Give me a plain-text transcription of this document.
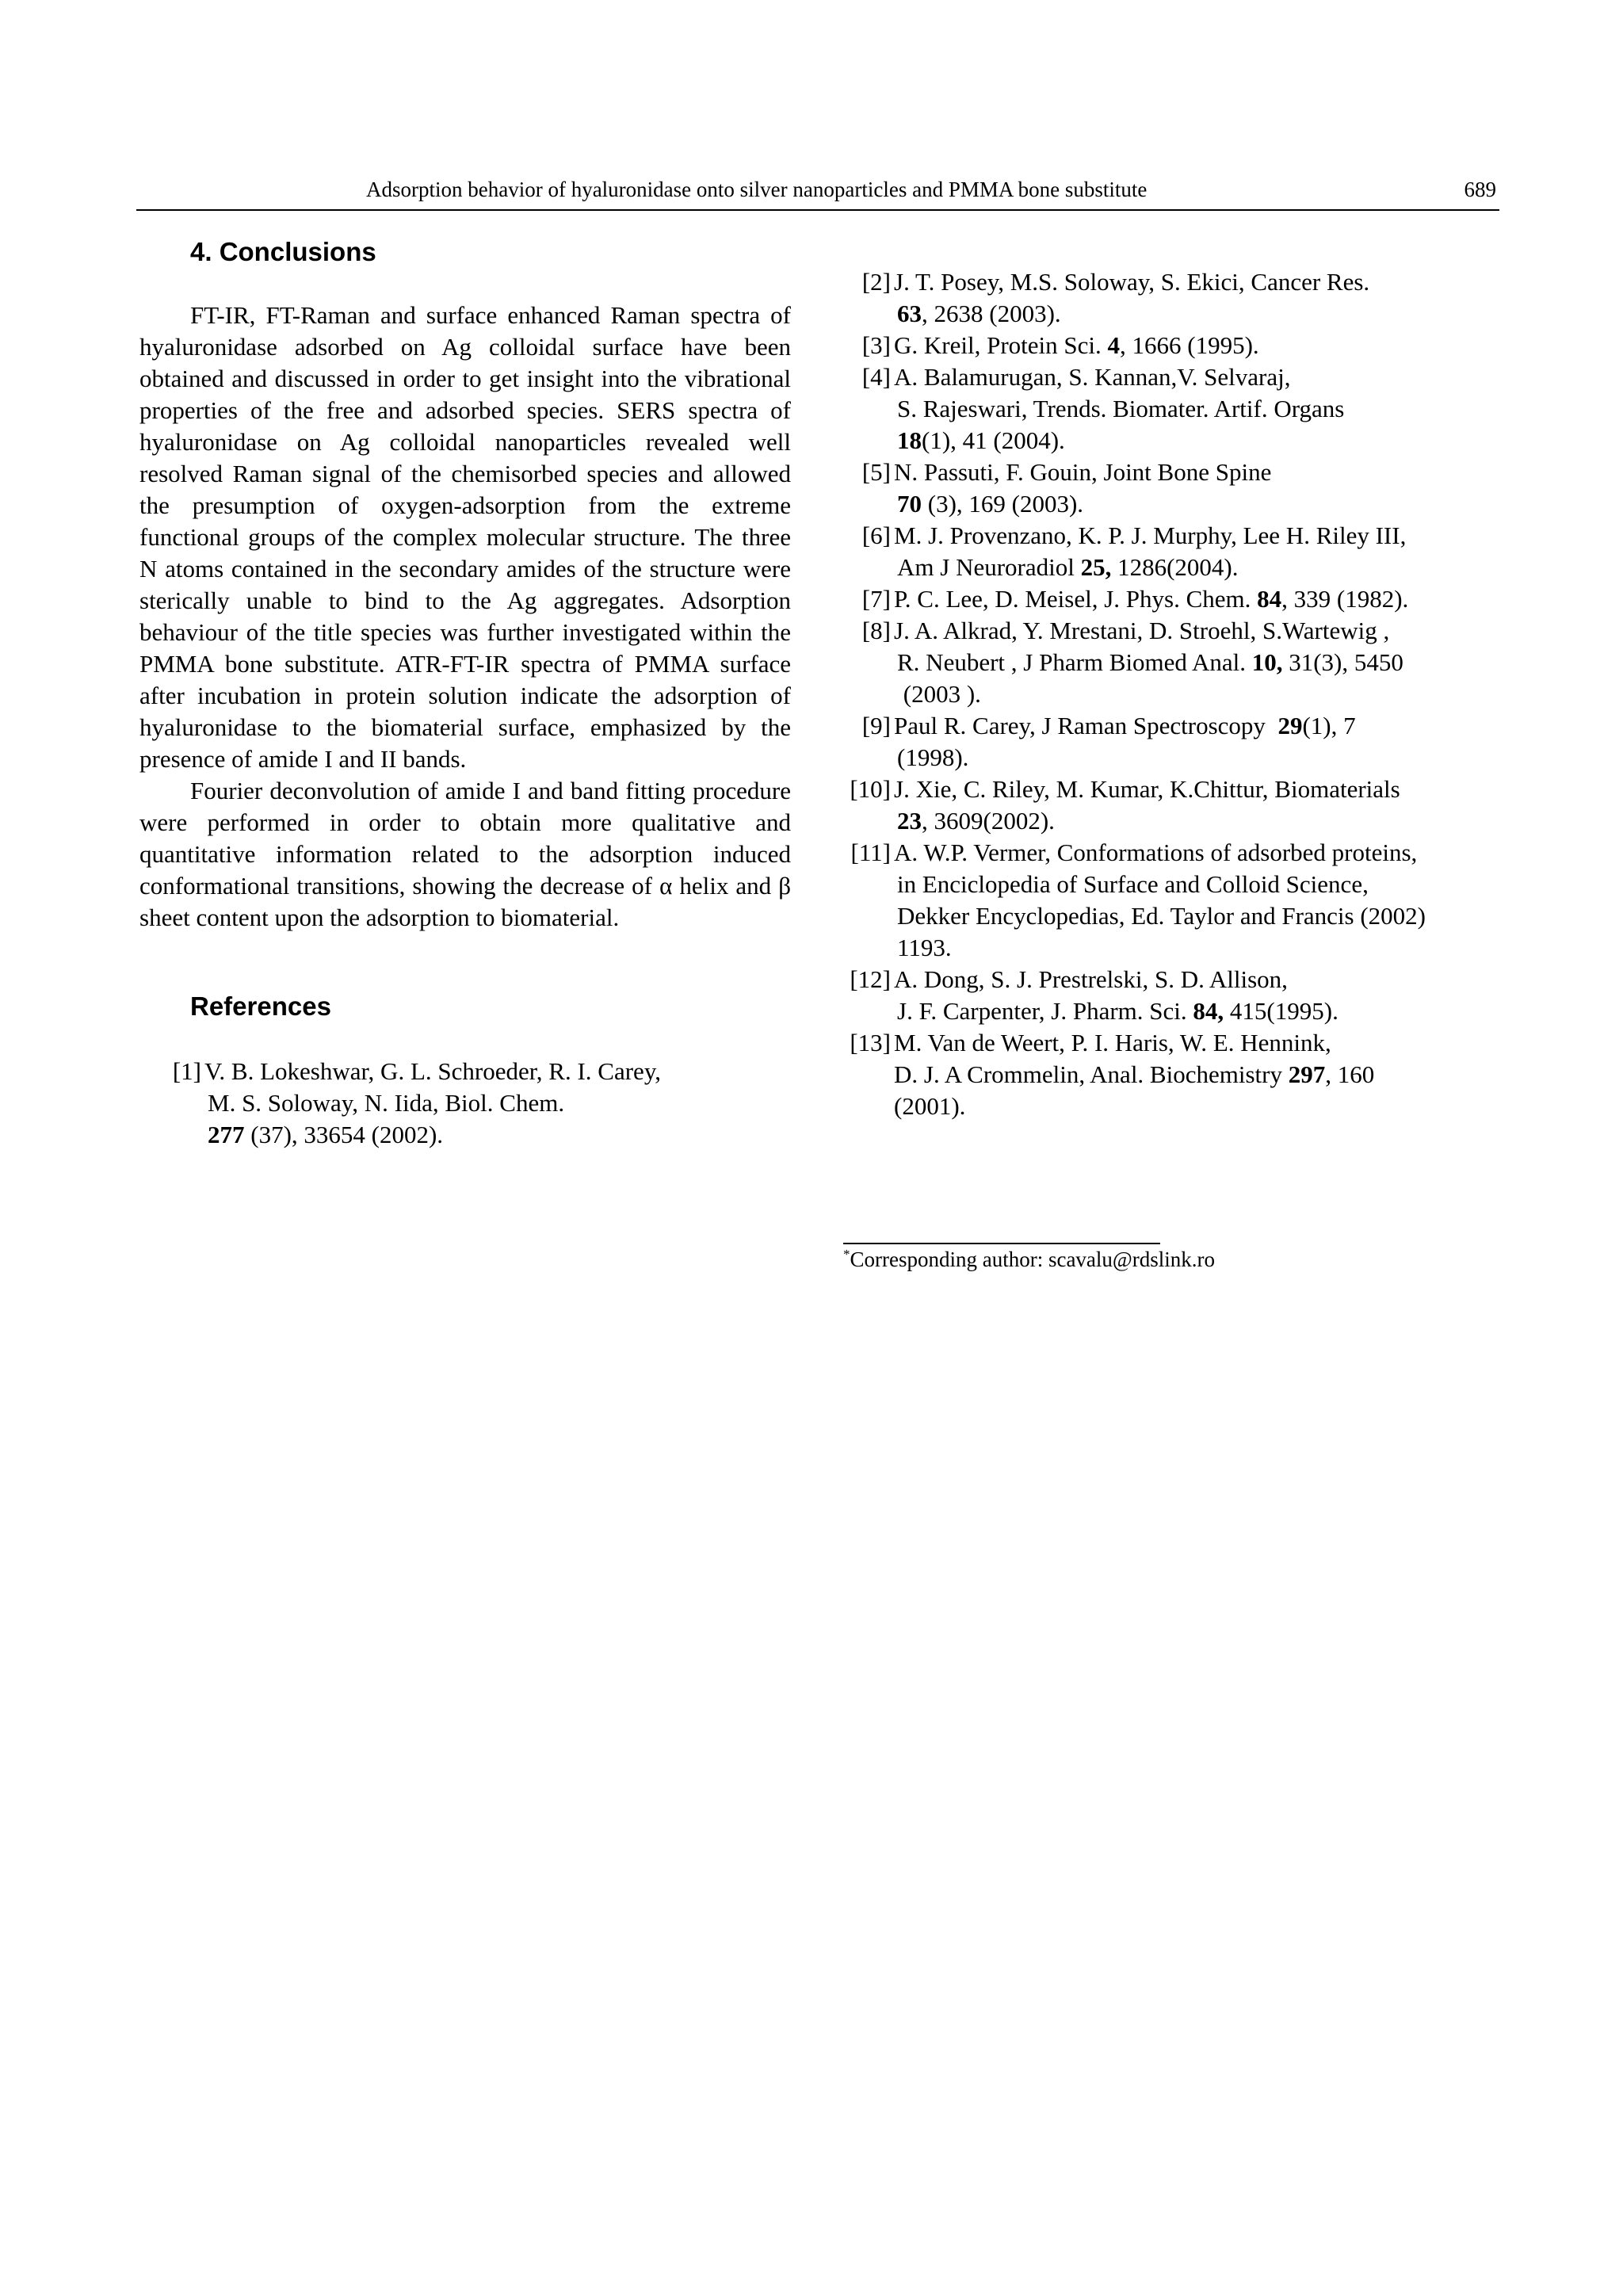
Adsorption behavior of hyaluronidase onto silver nanoparticles and PMMA bone substitute	689
4. Conclusions

FT-IR, FT-Raman and surface enhanced Raman spectra of hyaluronidase adsorbed on Ag colloidal surface have been obtained and discussed in order to get insight into the vibrational properties of the free and adsorbed species. SERS spectra of hyaluronidase on Ag colloidal nanoparticles revealed well resolved Raman signal of the chemisorbed species and allowed the presumption of oxygen-adsorption from the extreme functional groups of the complex molecular structure. The three N atoms contained in the secondary amides of the structure were sterically unable to bind to the Ag aggregates. Adsorption behaviour of the title species was further investigated within the PMMA bone substitute. ATR-FT-IR spectra of PMMA surface after incubation in protein solution indicate the adsorption of hyaluronidase to the biomaterial surface, emphasized by the presence of amide I and II bands.

Fourier deconvolution of amide I and band fitting procedure were performed in order to obtain more qualitative and quantitative information related to the adsorption induced conformational transitions, showing the decrease of α helix and β sheet content upon the adsorption to biomaterial.

References
[1] V. B. Lokeshwar, G. L. Schroeder, R. I. Carey,
M. S. Soloway, N. Iida, Biol. Chem.
277 (37), 33654 (2002).
[2] J. T. Posey, M.S. Soloway, S. Ekici, Cancer Res.
63, 2638 (2003).
[3] G. Kreil, Protein Sci. 4, 1666 (1995).
[4] A. Balamurugan, S. Kannan,V. Selvaraj,
S. Rajeswari, Trends. Biomater. Artif. Organs
18(1), 41 (2004).
[5] N. Passuti, F. Gouin, Joint Bone Spine
70 (3), 169 (2003).
[6] M. J. Provenzano, K. P. J. Murphy, Lee H. Riley III,
Am J Neuroradiol 25, 1286(2004).
[7] P. C. Lee, D. Meisel, J. Phys. Chem. 84, 339 (1982).
[8] J. A. Alkrad, Y. Mrestani, D. Stroehl, S.Wartewig ,
R. Neubert , J Pharm Biomed Anal. 10, 31(3), 5450
(2003 ).
[9] Paul R. Carey, J Raman Spectroscopy  29(1), 7
(1998).
[10] J. Xie, C. Riley, M. Kumar, K.Chittur, Biomaterials
23, 3609(2002).
[11] A. W.P. Vermer, Conformations of adsorbed proteins,
in Enciclopedia of Surface and Colloid Science,
Dekker Encyclopedias, Ed. Taylor and Francis (2002)
1193.
[12] A. Dong, S. J. Prestrelski, S. D. Allison,
J. F. Carpenter, J. Pharm. Sci. 84, 415(1995).
[13] M. Van de Weert, P. I. Haris, W. E. Hennink,
D. J. A Crommelin, Anal. Biochemistry 297, 160
(2001).
*Corresponding author: scavalu@rdslink.ro
